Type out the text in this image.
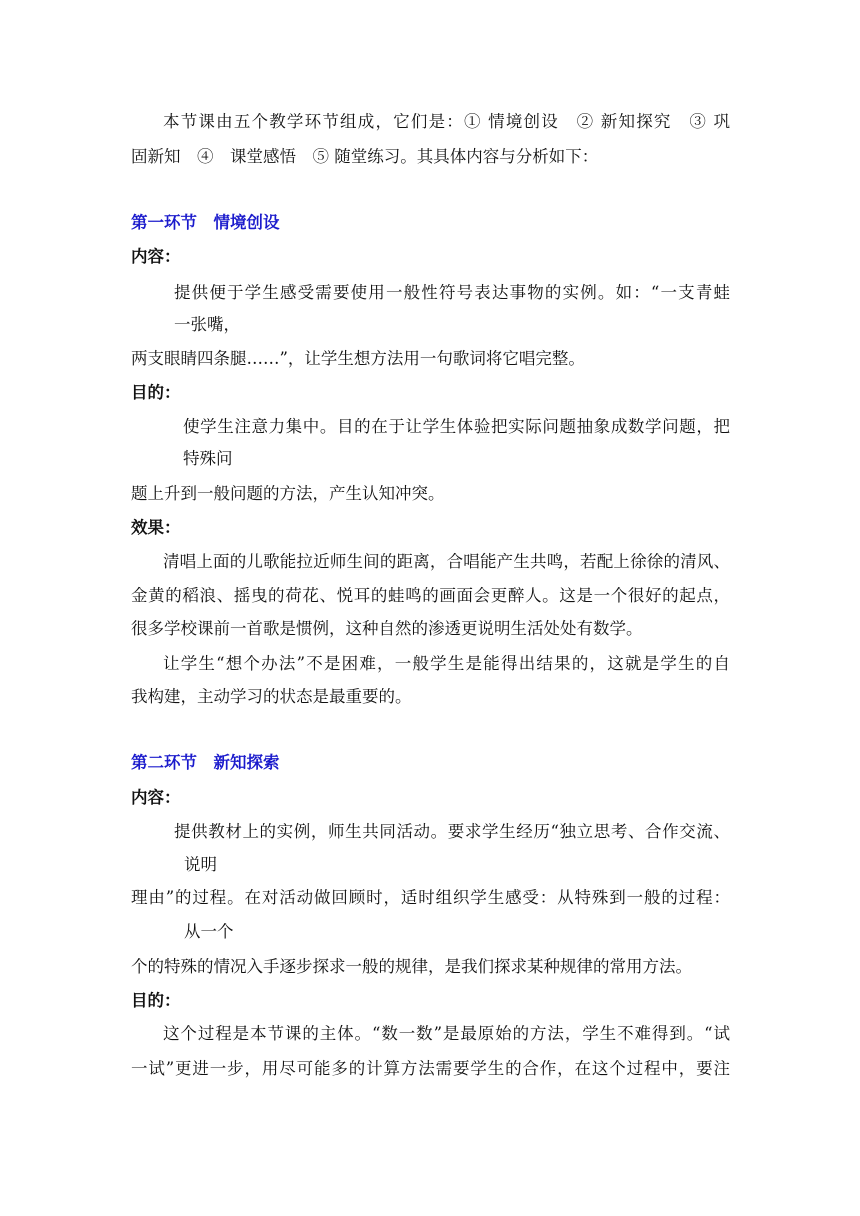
本节课由五个教学环节组成，它们是：① 情境创设　② 新知探究　③ 巩

固新知　④　课堂感悟　⑤ 随堂练习。其具体内容与分析如下：

第一环节　情境创设

内容：

提供便于学生感受需要使用一般性符号表达事物的实例。如：“一支青蛙

一张嘴，

两支眼睛四条腿……”，让学生想方法用一句歌词将它唱完整。

目的：

使学生注意力集中。目的在于让学生体验把实际问题抽象成数学问题，把

特殊问

题上升到一般问题的方法，产生认知冲突。

效果：

清唱上面的儿歌能拉近师生间的距离，合唱能产生共鸣，若配上徐徐的清风、

金黄的稻浪、摇曳的荷花、悦耳的蛙鸣的画面会更醉人。这是一个很好的起点，

很多学校课前一首歌是惯例，这种自然的渗透更说明生活处处有数学。

让学生“想个办法”不是困难，一般学生是能得出结果的，这就是学生的自

我构建，主动学习的状态是最重要的。

第二环节　新知探索

内容：

提供教材上的实例，师生共同活动。要求学生经历“独立思考、合作交流、

说明

理由”的过程。在对活动做回顾时，适时组织学生感受：从特殊到一般的过程：

从一个

个的特殊的情况入手逐步探求一般的规律，是我们探求某种规律的常用方法。

目的：

这个过程是本节课的主体。“数一数”是最原始的方法，学生不难得到。“试

一试”更进一步，用尽可能多的计算方法需要学生的合作，在这个过程中，要注
